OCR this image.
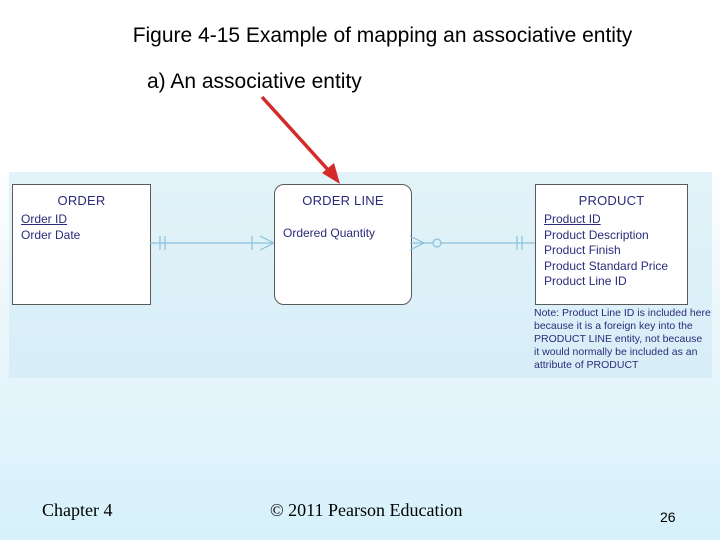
Figure 4-15 Example of mapping an associative entity
a) An associative entity
ORDER
Order ID
Order Date
ORDER LINE
Ordered Quantity
PRODUCT
Product ID
Product Description
Product Finish
Product Standard Price
Product Line ID
Note: Product Line ID is included here
because it is a foreign key into the
PRODUCT LINE entity, not because
it would normally be included as an
attribute of PRODUCT
Chapter 4	© 2011 Pearson Education	26
